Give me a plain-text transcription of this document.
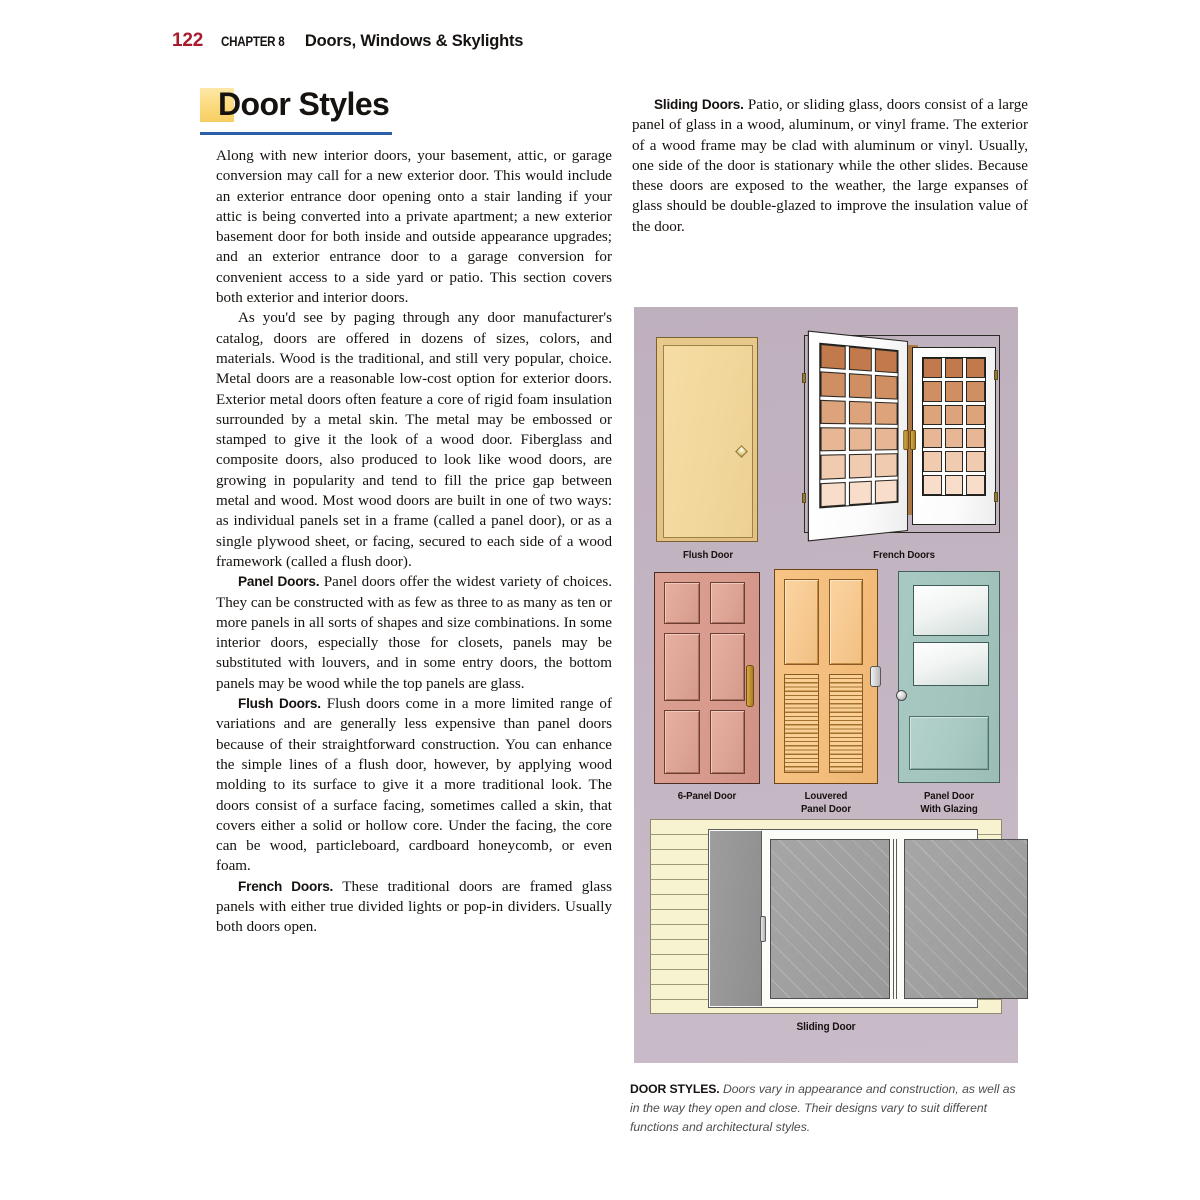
122 CHAPTER 8 Doors, Windows & Skylights
Door Styles

Along with new interior doors, your basement, attic, or garage conversion may call for a new exterior door. This would include an exterior entrance door opening onto a stair landing if your attic is being converted into a private apartment; a new exterior basement door for both inside and outside appearance upgrades; and an exterior entrance door to a garage conversion for convenient access to a side yard or patio. This section covers both exterior and interior doors.

As you'd see by paging through any door manufacturer's catalog, doors are offered in dozens of sizes, colors, and materials. Wood is the traditional, and still very popular, choice. Metal doors are a reasonable low-cost option for exterior doors. Exterior metal doors often feature a core of rigid foam insulation surrounded by a metal skin. The metal may be embossed or stamped to give it the look of a wood door. Fiberglass and composite doors, also produced to look like wood doors, are growing in popularity and tend to fill the price gap between metal and wood. Most wood doors are built in one of two ways: as individual panels set in a frame (called a panel door), or as a single plywood sheet, or facing, secured to each side of a wood framework (called a flush door).

Panel Doors. Panel doors offer the widest variety of choices. They can be constructed with as few as three to as many as ten or more panels in all sorts of shapes and size combinations. In some interior doors, especially those for closets, panels may be substituted with louvers, and in some entry doors, the bottom panels may be wood while the top panels are glass.

Flush Doors. Flush doors come in a more limited range of variations and are generally less expensive than panel doors because of their straightforward construction. You can enhance the simple lines of a flush door, however, by applying wood molding to its surface to give it a more traditional look. The doors consist of a surface facing, sometimes called a skin, that covers either a solid or hollow core. Under the facing, the core can be wood, particleboard, cardboard honeycomb, or even foam.

French Doors. These traditional doors are framed glass panels with either true divided lights or pop-in dividers. Usually both doors open.

Sliding Doors. Patio, or sliding glass, doors consist of a large panel of glass in a wood, aluminum, or vinyl frame. The exterior of a wood frame may be clad with aluminum or vinyl. Usually, one side of the door is stationary while the other slides. Because these doors are exposed to the weather, the large expanses of glass should be double-glazed to improve the insulation value of the door.

Flush Door	French Doors
6-Panel Door	Louvered
Panel Door
Panel Door
With Glazing
Sliding Door
DOOR STYLES. Doors vary in appearance and construction, as well as in the way they open and close. Their designs vary to suit different functions and architectural styles.
